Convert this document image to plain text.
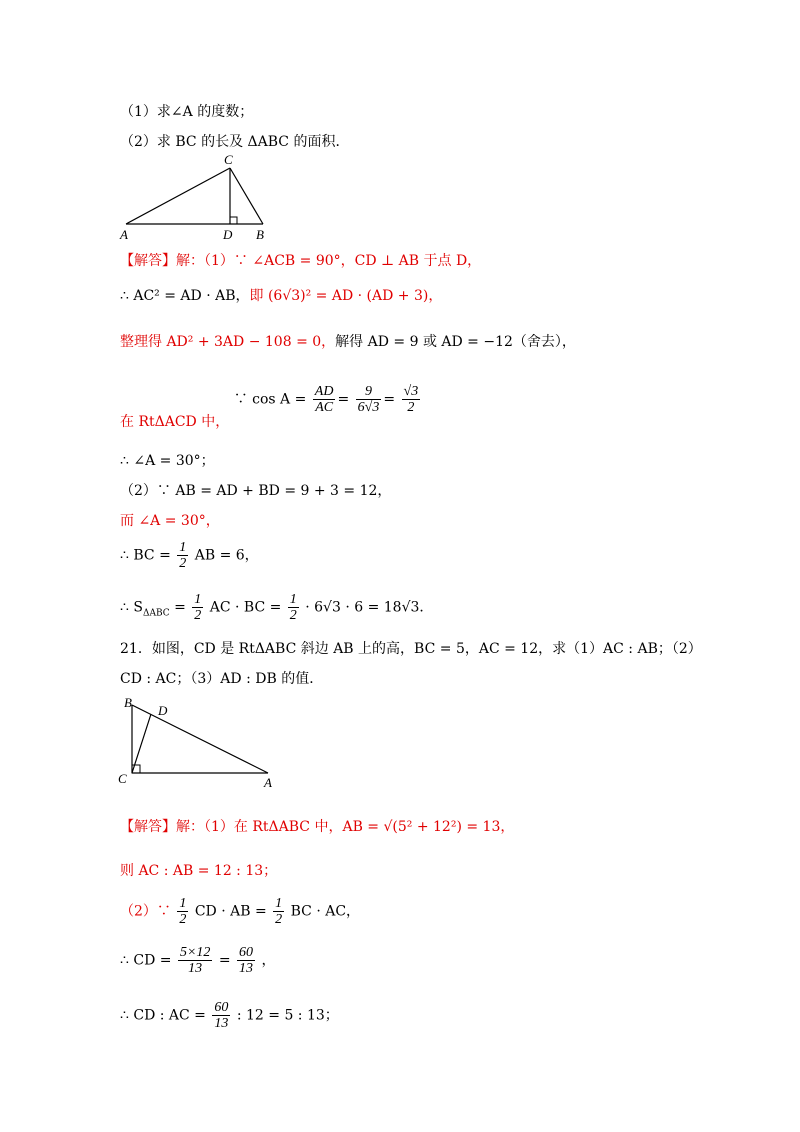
（1）求∠A 的度数；
（2）求 BC 的长及 ΔABC 的面积．
C
A	D B
【解答】解：（1）∵ ∠ACB = 90°，CD ⊥ AB 于点 D，
∴ AC² = AD · AB，即 (6√3)² = AD · (AD + 3)，
整理得 AD² + 3AD − 108 = 0，解得 AD = 9 或 AD = −12（舍去），
在 RtΔACD 中， ∵ $\cos A = \frac{AD}{AC} = \frac{9}{6√3} = \frac{√3}{2}$
∴ ∠A = 30°；
（2）∵ AB = AD + BD = 9 + 3 = 12，
而 ∠A = 30°，
∴ BC = $\frac{1}{2}$ AB = 6，
∴ $S_{\Delta ABC} = \frac{1}{2}$ AC · BC = $\frac{1}{2} \cdot 6√3 \cdot 6 = 18√3$．
21．如图，CD 是 RtΔABC 斜边 AB 上的高，BC = 5，AC = 12，求（1）AC : AB；（2）
CD : AC；（3）AD : DB 的值．
B
D
C	A
【解答】解：（1）在 RtΔABC 中，AB = √(5² + 12²) = 13，
则 AC : AB = 12 : 13；
（2）∵ $\frac{1}{2}$ CD · AB = $\frac{1}{2}$ BC · AC，
∴ CD = $\frac{5\times 12}{13} = \frac{60}{13}$ ，
∴ CD : AC = $\frac{60}{13}$ : 12 = 5 : 13；
